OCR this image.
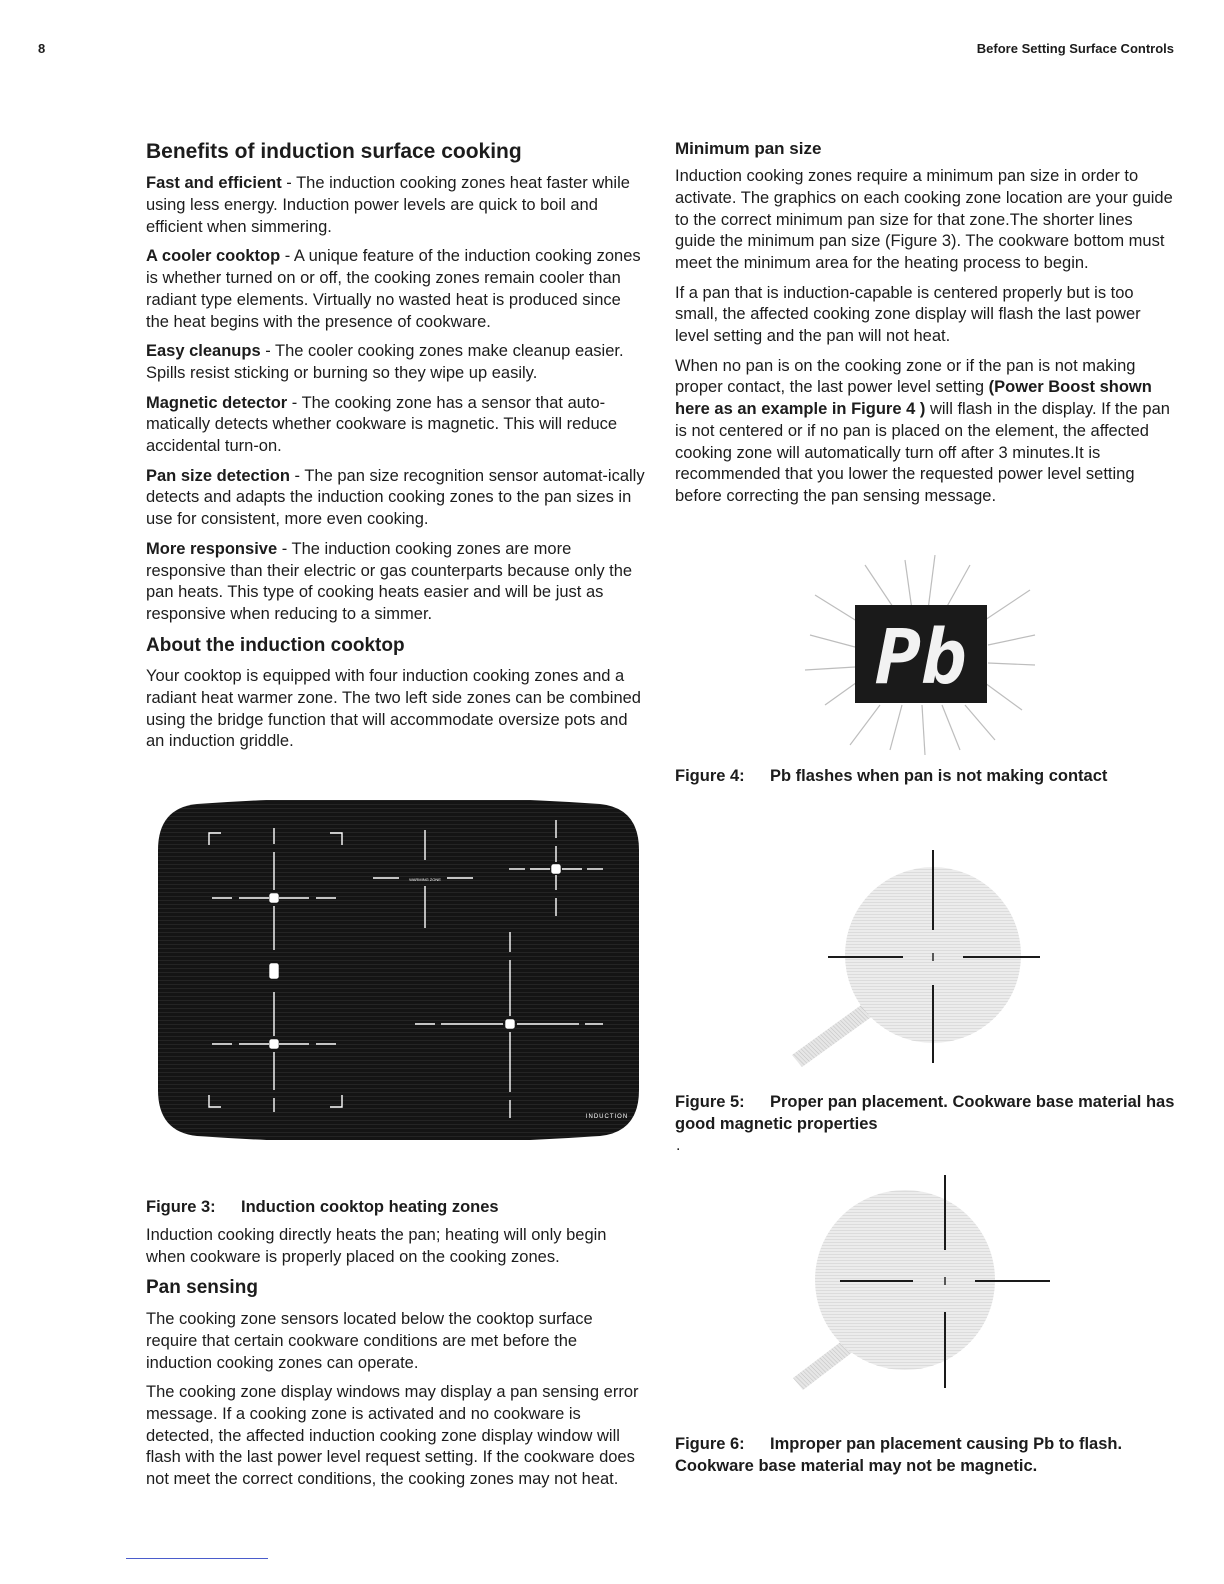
8	Before Setting Surface Controls
Benefits of induction surface cooking

Fast and efficient - The induction cooking zones heat faster while using less energy. Induction power levels are quick to boil and efficient when simmering.

A cooler cooktop - A unique feature of the induction cooking zones is whether turned on or off, the cooking zones remain cooler than radiant type elements. Virtually no wasted heat is produced since the heat begins with the presence of cookware.

Easy cleanups - The cooler cooking zones make cleanup easier. Spills resist sticking or burning so they wipe up easily.

Magnetic detector - The cooking zone has a sensor that auto-matically detects whether cookware is magnetic. This will reduce accidental turn-on.

Pan size detection - The pan size recognition sensor automat-ically detects and adapts the induction cooking zones to the pan sizes in use for consistent, more even cooking.

More responsive - The induction cooking zones are more responsive than their electric or gas counterparts because only the pan heats. This type of cooking heats easier and will be just as responsive when reducing to a simmer.

About the induction cooktop

Your cooktop is equipped with four induction cooking zones and a radiant heat warmer zone. The two left side zones can be combined using the bridge function that will accommodate oversize pots and an induction griddle.

WARMING ZONE
INDUCTION

Figure 3: Induction cooktop heating zones

Induction cooking directly heats the pan; heating will only begin when cookware is properly placed on the cooking zones.

Pan sensing

The cooking zone sensors located below the cooktop surface require that certain cookware conditions are met before the induction cooking zones can operate.

The cooking zone display windows may display a pan sensing error message. If a cooking zone is activated and no cookware is detected, the affected induction cooking zone display window will flash with the last power level request setting. If the cookware does not meet the correct conditions, the cooking zones may not heat.

Minimum pan size

Induction cooking zones require a minimum pan size in order to activate. The graphics on each cooking zone location are your guide to the correct minimum pan size for that zone.The shorter lines guide the minimum pan size (Figure 3). The cookware bottom must meet the minimum area for the heating process to begin.

If a pan that is induction-capable is centered properly but is too small, the affected cooking zone display will flash the last power level setting and the pan will not heat.

When no pan is on the cooking zone or if the pan is not making proper contact, the last power level setting (Power Boost shown here as an example in Figure 4 ) will flash in the display. If the pan is not centered or if no pan is placed on the element, the affected cooking zone will automatically turn off after 3 minutes.It is recommended that you lower the requested power level setting before correcting the pan sensing message.

Pb

Figure 4: Pb flashes when pan is not making contact

Figure 5: Proper pan placement. Cookware base material has good magnetic properties

.

Figure 6: Improper pan placement causing Pb to flash. Cookware base material may not be magnetic.
